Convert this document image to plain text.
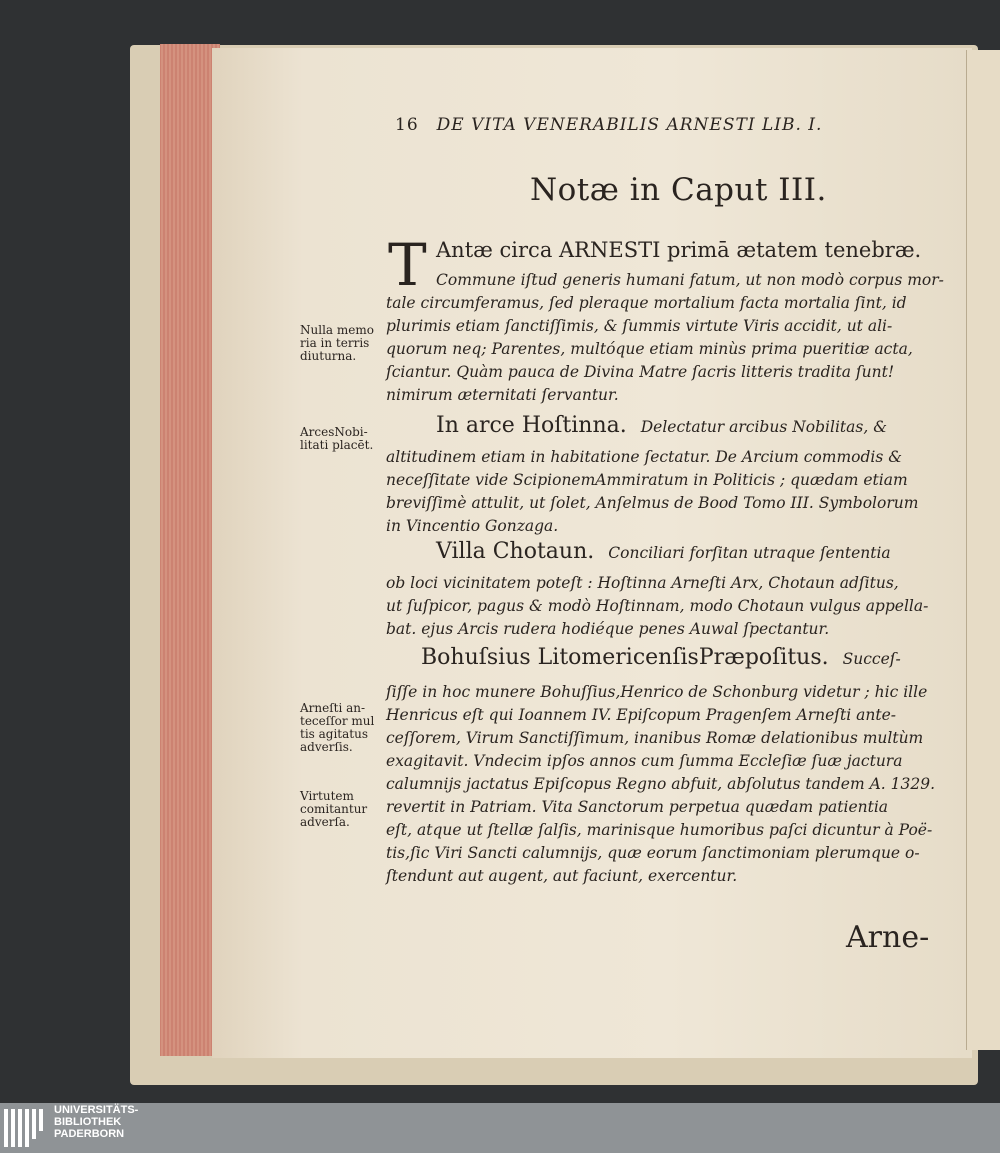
16 DE VITA VENERABILIS ARNESTI LIB. I.
Notæ in Caput III.
T Antæ circa ARNESTI primā ætatem tenebræ.
Commune iſtud generis humani fatum, ut non modò corpus mor-
tale circumferamus, ſed pleraque mortalium facta mortalia ſint, id
plurimis etiam ſanctiſſimis, & ſummis virtute Viris accidit, ut ali-
quorum neq; Parentes, multóque etiam minùs prima pueritiæ acta,
ſciantur. Quàm pauca de Divina Matre ſacris litteris tradita ſunt!
nimirum æternitati ſervantur.
In arce Hoſtinna. Delectatur arcibus Nobilitas, &
altitudinem etiam in habitatione ſectatur. De Arcium commodis &
neceſſitate vide ScipionemAmmiratum in Politicis ; quædam etiam
breviſſimè attulit, ut ſolet, Anſelmus de Bood Tomo III. Symbolorum
in Vincentio Gonzaga.
Villa Chotaun. Conciliari forſitan utraque ſententia
ob loci vicinitatem poteſt : Hoſtinna Arneſti Arx, Chotaun adſitus,
ut ſuſpicor, pagus & modò Hoſtinnam, modo Chotaun vulgus appella-
bat. ejus Arcis rudera hodiéque penes Auwal ſpectantur.
Bohuſsius LitomericenſisPræpoſitus. Succeſ-
ſiſſe in hoc munere Bohuſſius,Henrico de Schonburg videtur ; hic ille
Henricus eſt qui Ioannem IV. Epiſcopum Pragenſem Arneſti ante-
ceſſorem, Virum Sanctiſſimum, inanibus Romæ delationibus multùm
exagitavit. Vndecim ipſos annos cum ſumma Eccleſiæ ſuæ jactura
calumnijs jactatus Epiſcopus Regno abfuit, abſolutus tandem A. 1329.
revertit in Patriam. Vita Sanctorum perpetua quædam patientia
eſt, atque ut ſtellæ ſalſis, marinisque humoribus paſci dicuntur à Poë-
tis,ſic Viri Sancti calumnijs, quæ eorum ſanctimoniam plerumque o-
ſtendunt aut augent, aut faciunt, exercentur.
Nulla memo
ria in terris
diuturna.
ArcesNobi-
litati placēt.
Arneſti an-
teceſſor mul
tis agitatus
adverſis.
Virtutem
comitantur
adverſa.
Arne-
UNIVERSITÄTS-
BIBLIOTHEK
PADERBORN
